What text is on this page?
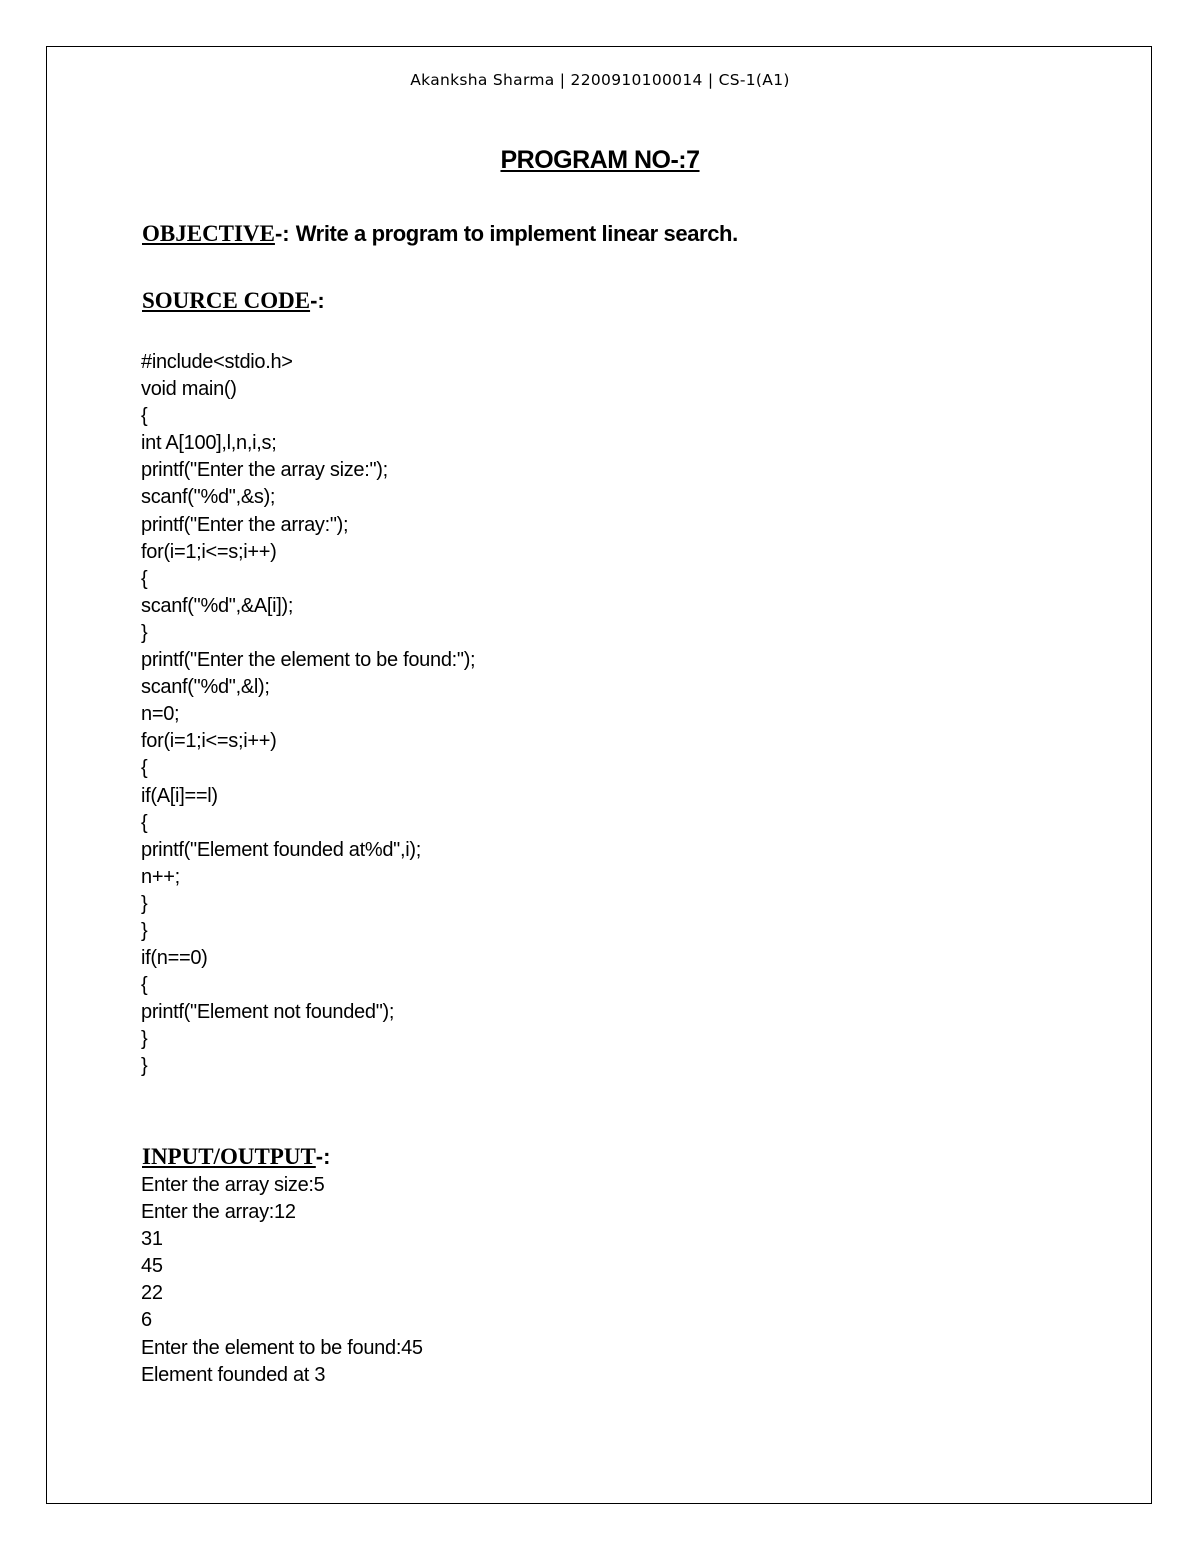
Akanksha Sharma | 2200910100014 | CS-1(A1)
PROGRAM NO-:7
OBJECTIVE-: Write a program to implement linear search.
SOURCE CODE-:
#include<stdio.h>
void main()
{
int A[100],l,n,i,s;
printf("Enter the array size:");
scanf("%d",&s);
printf("Enter the array:");
for(i=1;i<=s;i++)
{
scanf("%d",&A[i]);
}
printf("Enter the element to be found:");
scanf("%d",&l);
n=0;
for(i=1;i<=s;i++)
{
if(A[i]==l)
{
printf("Element founded at%d",i);
n++;
}
}
if(n==0)
{
printf("Element not founded");
}
}
INPUT/OUTPUT-:
Enter the array size:5
Enter the array:12
31
45
22
6
Enter the element to be found:45
Element founded at 3
